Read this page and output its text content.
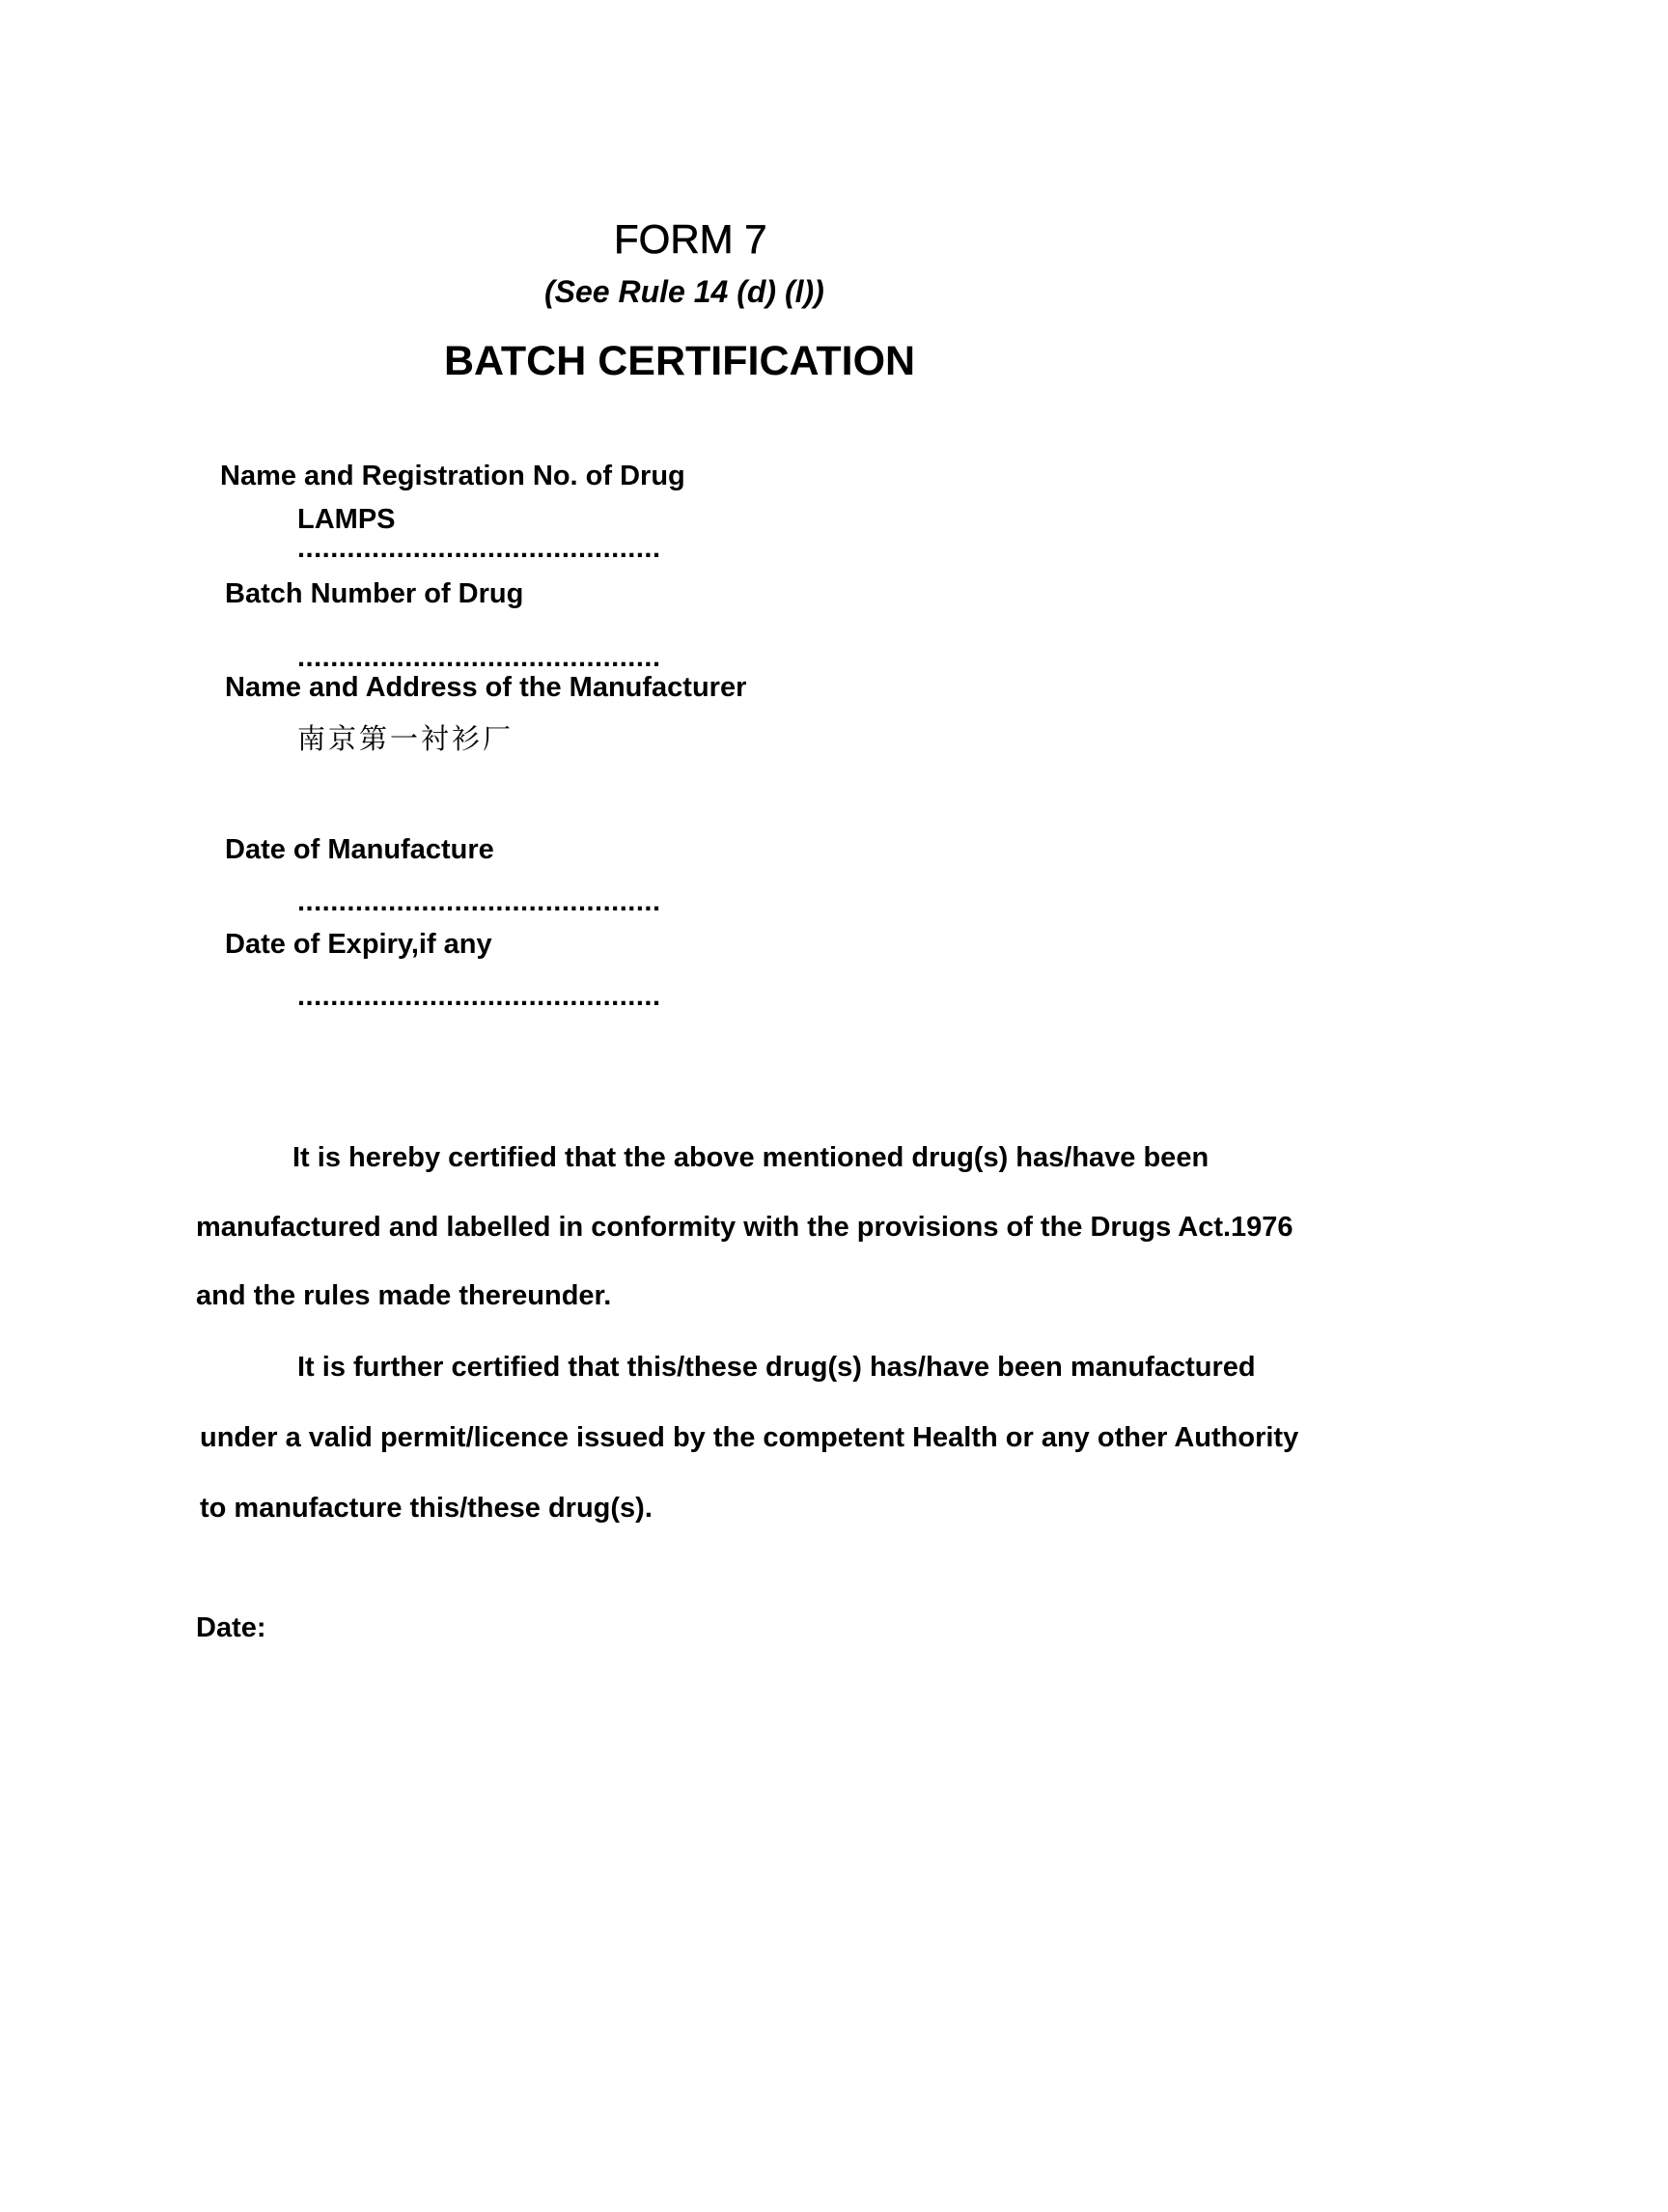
FORM 7
(See Rule 14 (d) (l))
BATCH CERTIFICATION
Name and Registration No. of Drug
LAMPS
............................................
Batch Number of Drug
............................................
Name and Address of the Manufacturer
南京第一衬衫厂
Date of Manufacture
............................................
Date of Expiry,if any
............................................
It is hereby certified that the above mentioned drug(s) has/have been
manufactured and labelled in conformity with the provisions of the Drugs Act.1976
and the rules made thereunder.
It is further certified that this/these drug(s) has/have been manufactured
under a valid permit/licence issued by the competent Health or any other Authority
to manufacture this/these drug(s).
Date:
